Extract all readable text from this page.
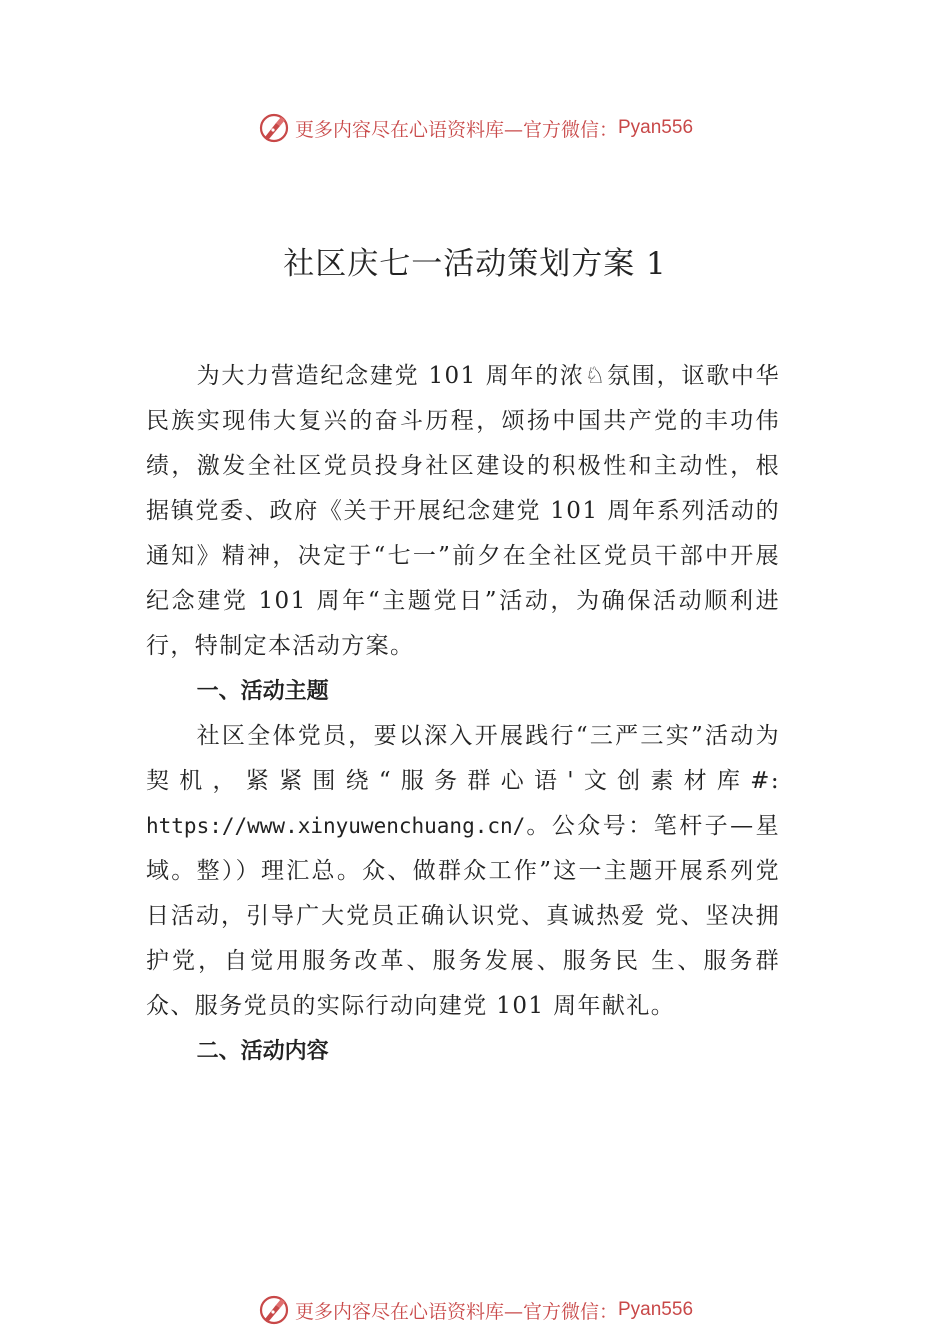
更多内容尽在心语资料库—官方微信： Pyan556
社区庆七一活动策划方案 1

为大力营造纪念建党 101 周年的浓♘氛围，讴歌中华民族实现伟大复兴的奋斗历程，颂扬中国共产党的丰功伟绩，激发全社区党员投身社区建设的积极性和主动性，根据镇党委、政府《关于开展纪念建党 101 周年系列活动的通知》精神，决定于“七一”前夕在全社区党员干部中开展纪念建党 101 周年“主题党日”活动，为确保活动顺利进行，特制定本活动方案。

一、活动主题

社区全体党员，要以深入开展践行“三严三实”活动为契机，紧紧围绕“服务群心语'文创素材库#: https://www.xinyuwenchuang.cn/。公众号：笔杆子—星域。整））理汇总。众、做群众工作”这一主题开展系列党日活动，引导广大党员正确认识党、真诚热爱 党、坚决拥护党，自觉用服务改革、服务发展、服务民 生、服务群众、服务党员的实际行动向建党 101 周年献礼。

二、活动内容

更多内容尽在心语资料库—官方微信： Pyan556
